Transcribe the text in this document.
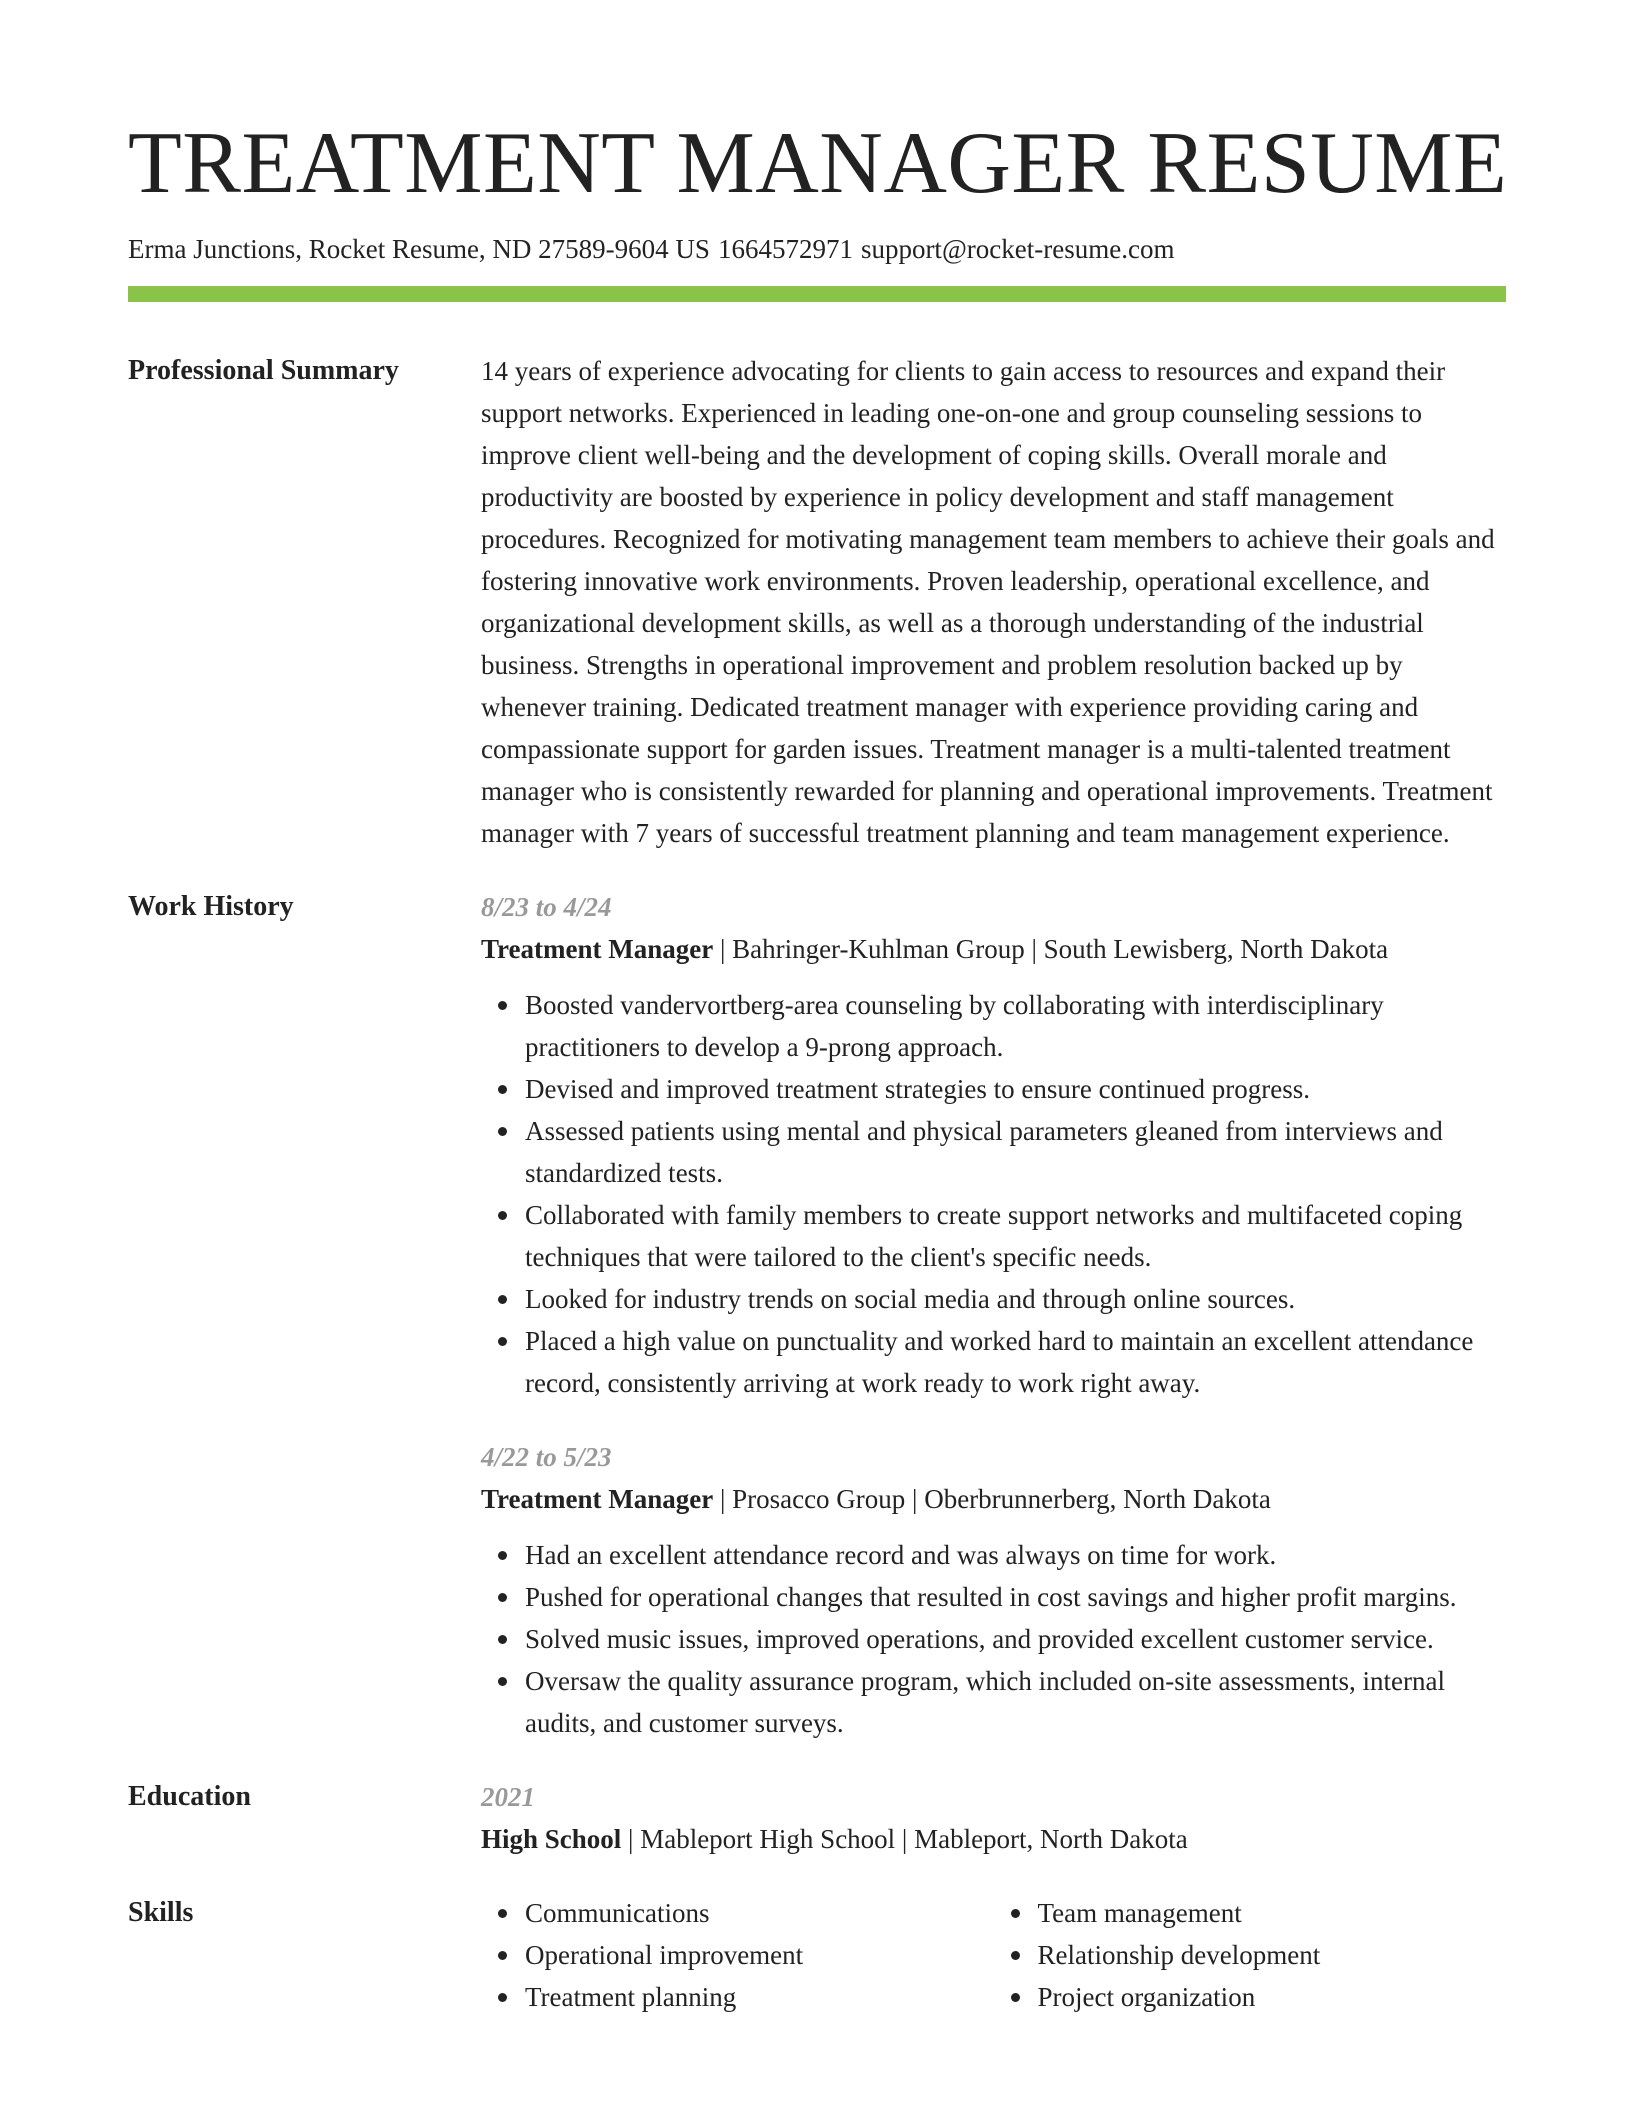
TREATMENT MANAGER RESUME
Erma Junctions, Rocket Resume, ND 27589-9604 US 1664572971 support@rocket-resume.com
Professional Summary	14 years of experience advocating for clients to gain access to resources and expand their support networks. Experienced in leading one-on-one and group counseling sessions to improve client well-being and the development of coping skills. Overall morale and productivity are boosted by experience in policy development and staff management procedures. Recognized for motivating management team members to achieve their goals and fostering innovative work environments. Proven leadership, operational excellence, and organizational development skills, as well as a thorough understanding of the industrial business. Strengths in operational improvement and problem resolution backed up by whenever training. Dedicated treatment manager with experience providing caring and compassionate support for garden issues. Treatment manager is a multi-talented treatment manager who is consistently rewarded for planning and operational improvements. Treatment manager with 7 years of successful treatment planning and team management experience.

Work History	8/23 to 4/24
Treatment Manager | Bahringer-Kuhlman Group | South Lewisberg, North Dakota
Boosted vandervortberg-area counseling by collaborating with interdisciplinary practitioners to develop a 9-prong approach.
Devised and improved treatment strategies to ensure continued progress.
Assessed patients using mental and physical parameters gleaned from interviews and standardized tests.
Collaborated with family members to create support networks and multifaceted coping techniques that were tailored to the client's specific needs.
Looked for industry trends on social media and through online sources.
Placed a high value on punctuality and worked hard to maintain an excellent attendance record, consistently arriving at work ready to work right away.
4/22 to 5/23
Treatment Manager | Prosacco Group | Oberbrunnerberg, North Dakota
Had an excellent attendance record and was always on time for work.
Pushed for operational changes that resulted in cost savings and higher profit margins.
Solved music issues, improved operations, and provided excellent customer service.
Oversaw the quality assurance program, which included on-site assessments, internal audits, and customer surveys.
Education	2021
High School | Mableport High School | Mableport, North Dakota
Skills	Communications
Operational improvement
Treatment planning
Team management
Relationship development
Project organization
